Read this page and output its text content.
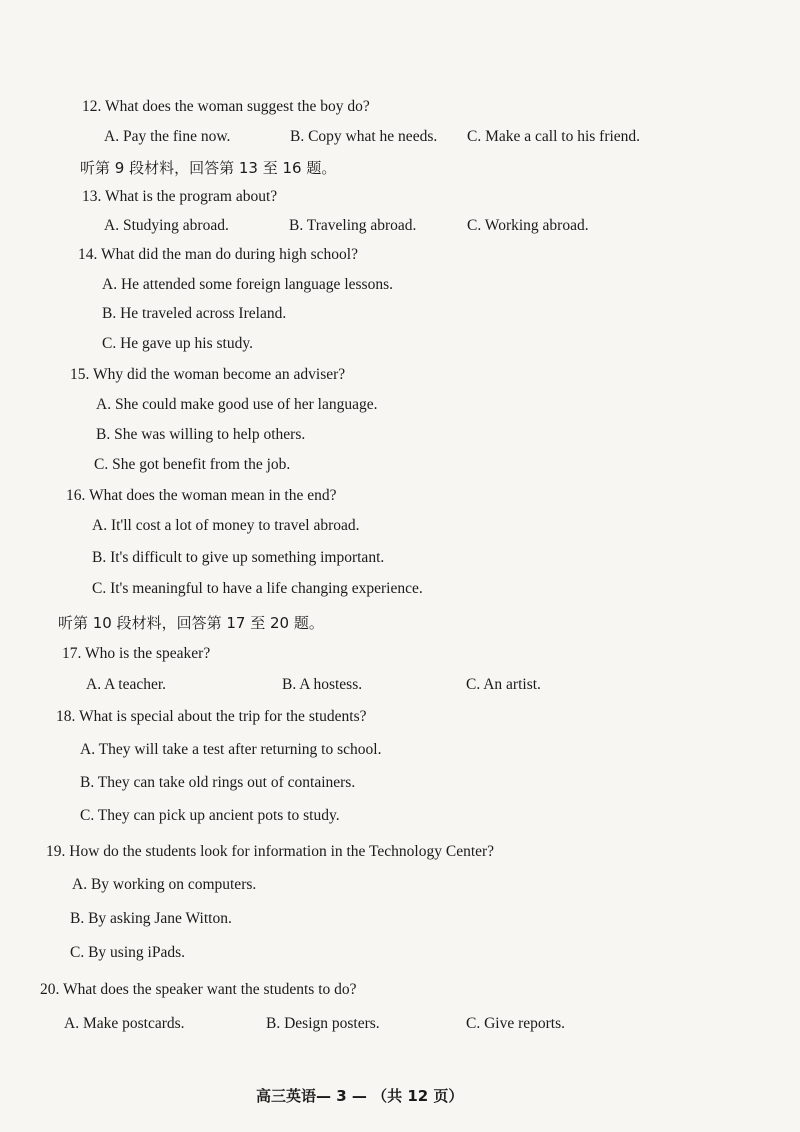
12. What does the woman suggest the boy do?
A. Pay the fine now.	B. Copy what he needs. C. Make a call to his friend.
听第 9 段材料，回答第 13 至 16 题。
13. What is the program about?
A. Studying abroad.	B. Traveling abroad.	C. Working abroad.
14. What did the man do during high school?
A. He attended some foreign language lessons.
B. He traveled across Ireland.
C. He gave up his study.
15. Why did the woman become an adviser?
A. She could make good use of her language.
B. She was willing to help others.
C. She got benefit from the job.
16. What does the woman mean in the end?
A. It'll cost a lot of money to travel abroad.
B. It's difficult to give up something important.
C. It's meaningful to have a life changing experience.
听第 10 段材料，回答第 17 至 20 题。
17. Who is the speaker?
A. A teacher.	B. A hostess.	C. An artist.
18. What is special about the trip for the students?
A. They will take a test after returning to school.
B. They can take old rings out of containers.
C. They can pick up ancient pots to study.
19. How do the students look for information in the Technology Center?
A. By working on computers.
B. By asking Jane Witton.
C. By using iPads.
20. What does the speaker want the students to do?
A. Make postcards.	B. Design posters.	C. Give reports.
高三英语— 3 — （共 12 页）
